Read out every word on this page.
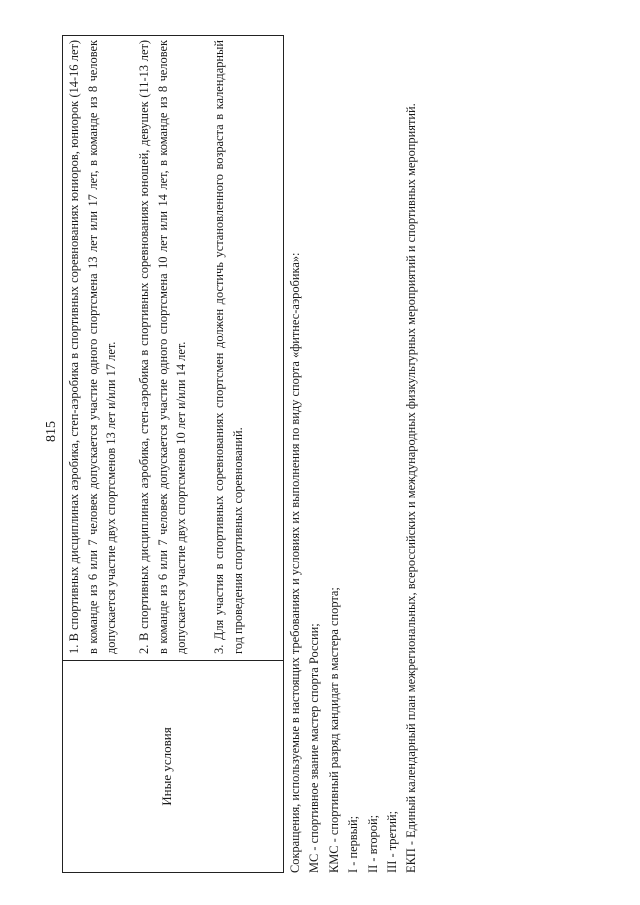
815
Иные условия
1. В спортивных дисциплинах аэробика, степ-аэробика в спортивных соревнованиях юниоров, юниорок (14-16 лет) в команде из 6 или 7 человек допускается участие одного спортсмена 13 лет или 17 лет, в команде из 8 человек допускается участие двух спортсменов 13 лет и/или 17 лет. 2. В спортивных дисциплинах аэробика, степ-аэробика в спортивных соревнованиях юношей, девушек (11-13 лет) в команде из 6 или 7 человек допускается участие одного спортсмена 10 лет или 14 лет, в команде из 8 человек допускается участие двух спортсменов 10 лет и/или 14 лет. 3. Для участия в спортивных соревнованиях спортсмен должен достичь установленного возраста в календарный год проведения спортивных соревнований.	Сокращения, используемые в настоящих требованиях и условиях их выполнения по виду спорта «фитнес-аэробика»: МС - спортивное звание мастер спорта России; КМС - спортивный разряд кандидат в мастера спорта; I - первый; II - второй; III - третий; ЕКП - Единый календарный план межрегиональных, всероссийских и международных физкультурных мероприятий и спортивных мероприятий.
